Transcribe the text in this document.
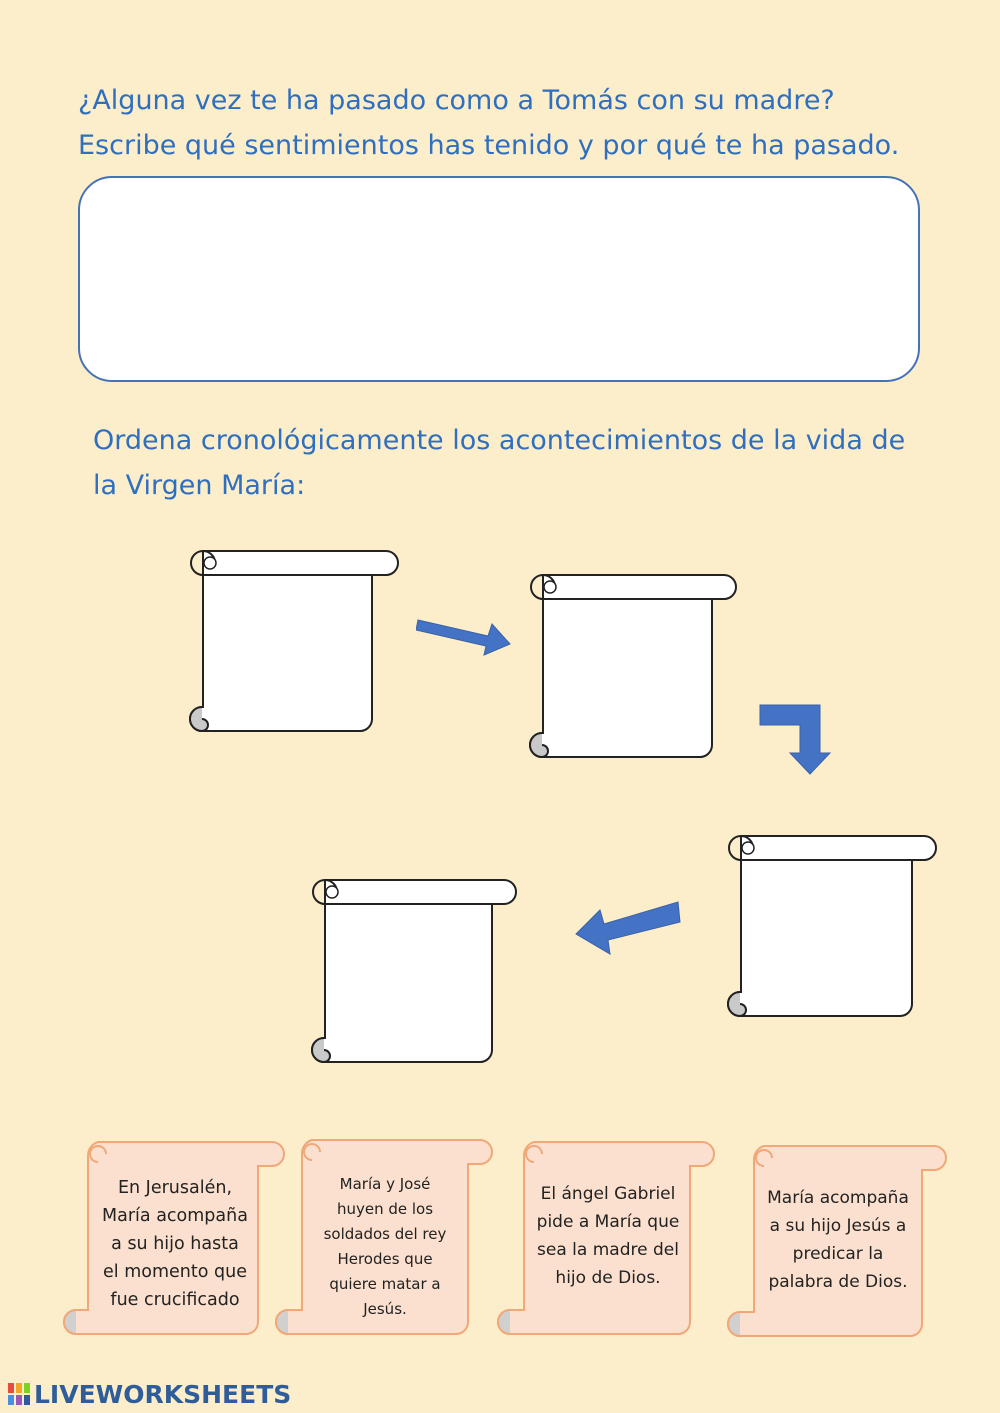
¿Alguna vez te ha pasado como a Tomás con su madre?
Escribe qué sentimientos has tenido y por qué te ha pasado.

Ordena cronológicamente los acontecimientos de la vida de
la Virgen María:

En Jerusalén,
María acompaña
a su hijo hasta
el momento que
fue crucificado
María y José
huyen de los
soldados del rey
Herodes que
quiere matar a
Jesús.
El ángel Gabriel
pide a María que
sea la madre del
hijo de Dios.
María acompaña
a su hijo Jesús a
predicar la
palabra de Dios.
LIVEWORKSHEETS
